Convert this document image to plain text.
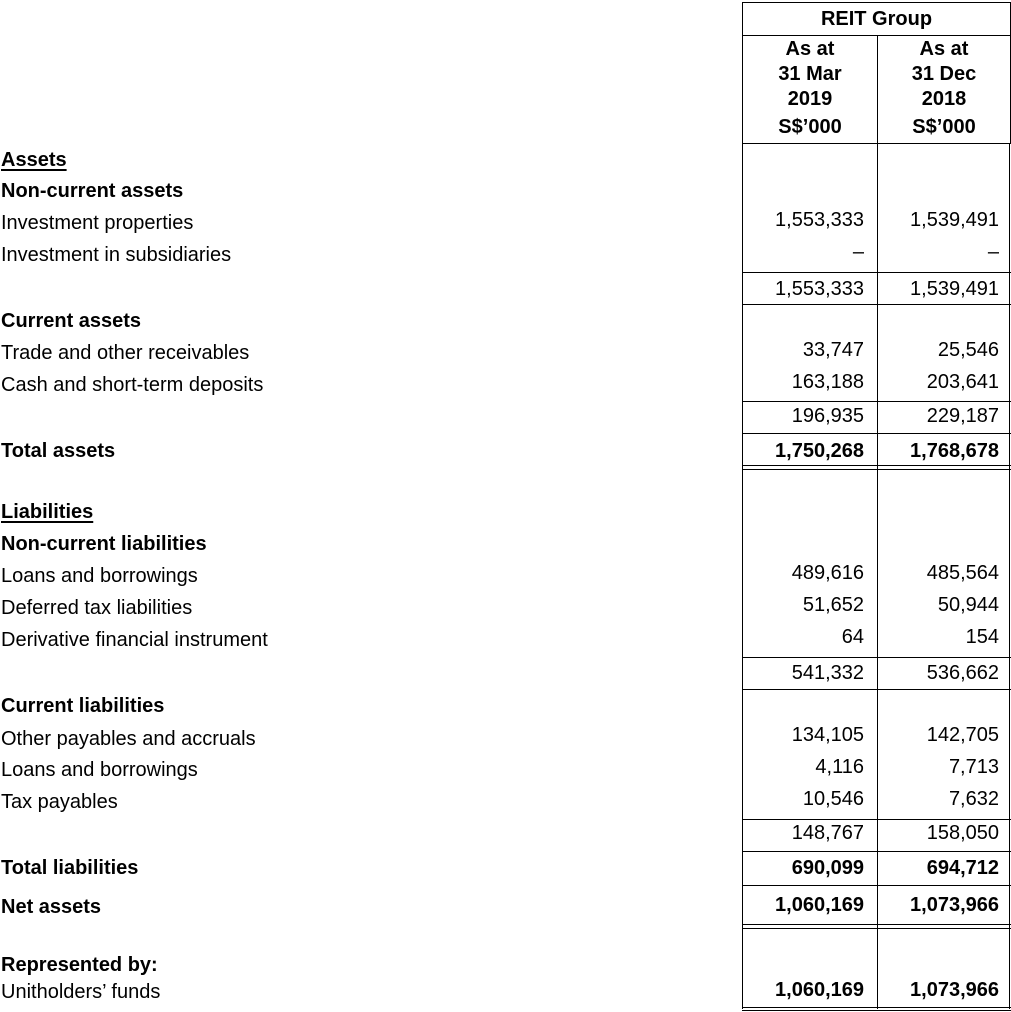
REIT Group
As at
31 Mar
2019
S$’000
As at
31 Dec
2018
S$’000
Assets
Non-current assets
Investment properties
Investment in subsidiaries
Current assets
Trade and other receivables
Cash and short-term deposits
Total assets
Liabilities
Non-current liabilities
Loans and borrowings
Deferred tax liabilities
Derivative financial instrument
Current liabilities
Other payables and accruals
Loans and borrowings
Tax payables
Total liabilities
Net assets
Represented by:
Unitholders’ funds
1,553,333
–
1,553,333
33,747
163,188
196,935
1,750,268
489,616
51,652
64
541,332
134,105
4,116
10,546
148,767
690,099
1,060,169
1,060,169
1,539,491
–
1,539,491
25,546
203,641
229,187
1,768,678
485,564
50,944
154
536,662
142,705
7,713
7,632
158,050
694,712
1,073,966
1,073,966
